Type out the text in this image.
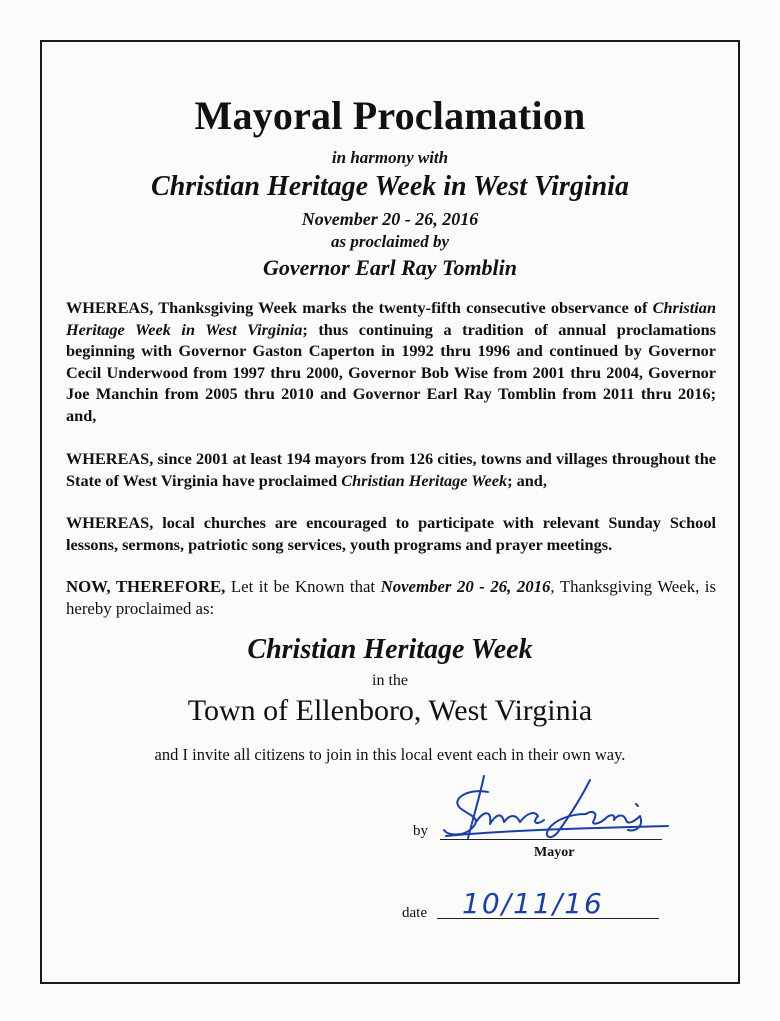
Mayoral Proclamation
in harmony with
Christian Heritage Week in West Virginia
November 20 - 26, 2016
as proclaimed by
Governor Earl Ray Tomblin
WHEREAS, Thanksgiving Week marks the twenty-fifth consecutive observance of Christian Heritage Week in West Virginia; thus continuing a tradition of annual proclamations beginning with Governor Gaston Caperton in 1992 thru 1996 and continued by Governor Cecil Underwood from 1997 thru 2000, Governor Bob Wise from 2001 thru 2004, Governor Joe Manchin from 2005 thru 2010 and Governor Earl Ray Tomblin from 2011 thru 2016; and,
WHEREAS, since 2001 at least 194 mayors from 126 cities, towns and villages throughout the State of West Virginia have proclaimed Christian Heritage Week; and,
WHEREAS, local churches are encouraged to participate with relevant Sunday School lessons, sermons, patriotic song services, youth programs and prayer meetings.
NOW, THEREFORE, Let it be Known that November 20 - 26, 2016, Thanksgiving Week, is hereby proclaimed as:
Christian Heritage Week
in the
Town of Ellenboro, West Virginia
and I invite all citizens to join in this local event each in their own way.
by
Mayor
date 10/11/16
